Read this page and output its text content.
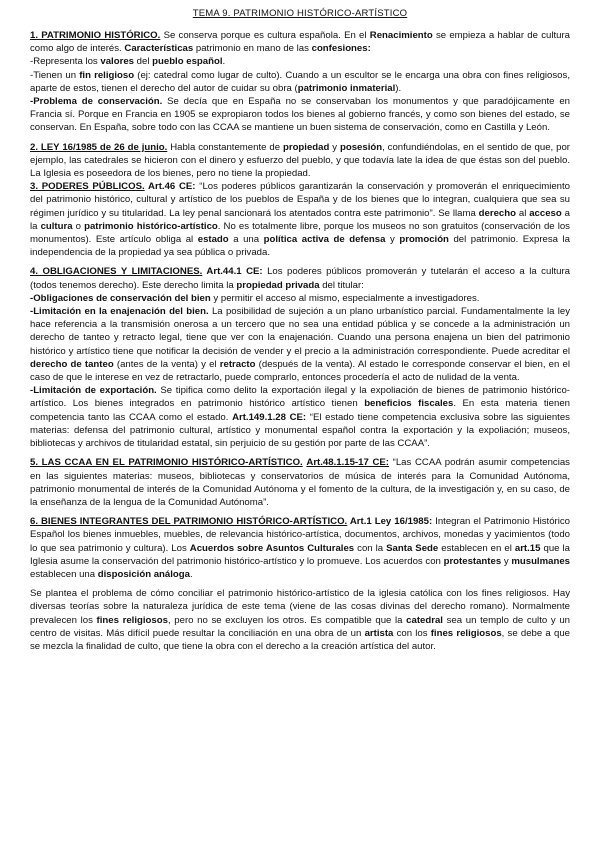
TEMA 9. PATRIMONIO HISTÓRICO-ARTÍSTICO

1. PATRIMONIO HISTÓRICO. Se conserva porque es cultura española. En el Renacimiento se empieza a hablar de cultura como algo de interés. Características patrimonio en mano de las confesiones:

-Representa los valores del pueblo español.

-Tienen un fin religioso (ej: catedral como lugar de culto). Cuando a un escultor se le encarga una obra con fines religiosos, aparte de estos, tienen el derecho del autor de cuidar su obra (patrimonio inmaterial).

-Problema de conservación. Se decía que en España no se conservaban los monumentos y que paradójicamente en Francia sí. Porque en Francia en 1905 se expropiaron todos los bienes al gobierno francés, y como son bienes del estado, se conservan. En España, sobre todo con las CCAA se mantiene un buen sistema de conservación, como en Castilla y León.

2. LEY 16/1985 de 26 de junio. Habla constantemente de propiedad y posesión, confundiéndolas, en el sentido de que, por ejemplo, las catedrales se hicieron con el dinero y esfuerzo del pueblo, y que todavía late la idea de que éstas son del pueblo. La Iglesia es poseedora de los bienes, pero no tiene la propiedad.

3. PODERES PÚBLICOS. Art.46 CE: “Los poderes públicos garantizarán la conservación y promoverán el enriquecimiento del patrimonio histórico, cultural y artístico de los pueblos de España y de los bienes que lo integran, cualquiera que sea su régimen jurídico y su titularidad. La ley penal sancionará los atentados contra este patrimonio”. Se llama derecho al acceso a la cultura o patrimonio histórico-artístico. No es totalmente libre, porque los museos no son gratuitos (conservación de los monumentos). Este artículo obliga al estado a una política activa de defensa y promoción del patrimonio. Expresa la independencia de la propiedad ya sea pública o privada.

4. OBLIGACIONES Y LIMITACIONES. Art.44.1 CE: Los poderes públicos promoverán y tutelarán el acceso a la cultura (todos tenemos derecho). Este derecho limita la propiedad privada del titular:

-Obligaciones de conservación del bien y permitir el acceso al mismo, especialmente a investigadores.

-Limitación en la enajenación del bien. La posibilidad de sujeción a un plano urbanístico parcial. Fundamentalmente la ley hace referencia a la transmisión onerosa a un tercero que no sea una entidad pública y se concede a la administración un derecho de tanteo y retracto legal, tiene que ver con la enajenación. Cuando una persona enajena un bien del patrimonio histórico y artístico tiene que notificar la decisión de vender y el precio a la administración correspondiente. Puede acreditar el derecho de tanteo (antes de la venta) y el retracto (después de la venta). Al estado le corresponde conservar el bien, en el caso de que le interese en vez de retractarlo, puede comprarlo, entonces procedería el acto de nulidad de la venta.

-Limitación de exportación. Se tipifica como delito la exportación ilegal y la expoliación de bienes de patrimonio histórico-artístico. Los bienes integrados en patrimonio histórico artístico tienen beneficios fiscales. En esta materia tienen competencia tanto las CCAA como el estado. Art.149.1.28 CE: “El estado tiene competencia exclusiva sobre las siguientes materias: defensa del patrimonio cultural, artístico y monumental español contra la exportación y la expoliación; museos, bibliotecas y archivos de titularidad estatal, sin perjuicio de su gestión por parte de las CCAA”.

5. LAS CCAA EN EL PATRIMONIO HISTÓRICO-ARTÍSTICO. Art.48.1.15-17 CE: “Las CCAA podrán asumir competencias en las siguientes materias: museos, bibliotecas y conservatorios de música de interés para la Comunidad Autónoma, patrimonio monumental de interés de la Comunidad Autónoma y el fomento de la cultura, de la investigación y, en su caso, de la enseñanza de la lengua de la Comunidad Autónoma”.

6. BIENES INTEGRANTES DEL PATRIMONIO HISTÓRICO-ARTÍSTICO. Art.1 Ley 16/1985: Integran el Patrimonio Histórico Español los bienes inmuebles, muebles, de relevancia histórico-artística, documentos, archivos, monedas y yacimientos (todo lo que sea patrimonio y cultura). Los Acuerdos sobre Asuntos Culturales con la Santa Sede establecen en el art.15 que la Iglesia asume la conservación del patrimonio histórico-artístico y lo promueve. Los acuerdos con protestantes y musulmanes establecen una disposición análoga.

Se plantea el problema de cómo conciliar el patrimonio histórico-artístico de la iglesia católica con los fines religiosos. Hay diversas teorías sobre la naturaleza jurídica de este tema (viene de las cosas divinas del derecho romano). Normalmente prevalecen los fines religiosos, pero no se excluyen los otros. Es compatible que la catedral sea un templo de culto y un centro de visitas. Más difícil puede resultar la conciliación en una obra de un artista con los fines religiosos, se debe a que se mezcla la finalidad de culto, que tiene la obra con el derecho a la creación artística del autor.
